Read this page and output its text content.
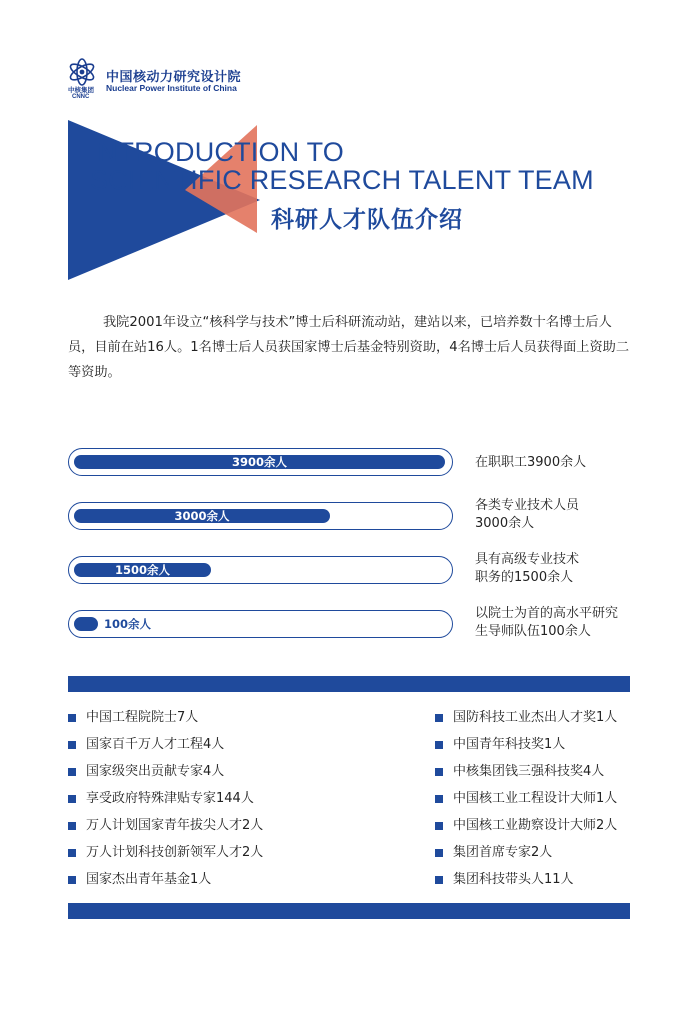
中核集团
CNNC
中国核动力研究设计院
Nuclear Power Institute of China
INTRODUCTION TO
SCIENTIFIC RESEARCH TALENT TEAM
科研人才队伍介绍
我院2001年设立“核科学与技术”博士后科研流动站，建站以来，已培养数十名博士后人员，目前在站16人。1名博士后人员获国家博士后基金特别资助，4名博士后人员获得面上资助二等资助。
3900余人	在职职工3900余人
3000余人
各类专业技术人员
3000余人
1500余人
具有高级专业技术
职务的1500余人
100余人
以院士为首的高水平研究
生导师队伍100余人
中国工程院院士7人
国家百千万人才工程4人
国家级突出贡献专家4人
享受政府特殊津贴专家144人
万人计划国家青年拔尖人才2人
万人计划科技创新领军人才2人
国家杰出青年基金1人
国防科技工业杰出人才奖1人
中国青年科技奖1人
中核集团钱三强科技奖4人
中国核工业工程设计大师1人
中国核工业勘察设计大师2人
集团首席专家2人
集团科技带头人11人
